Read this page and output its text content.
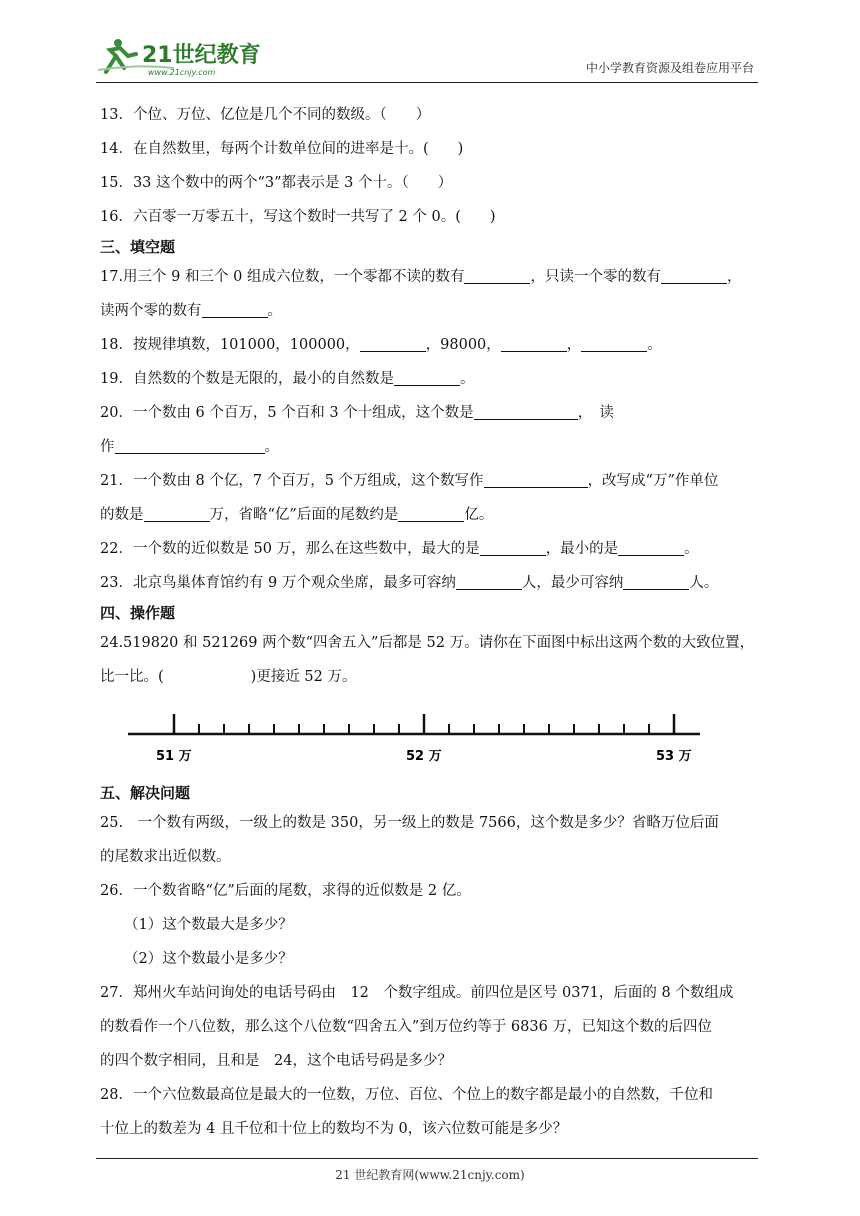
21世纪教育
www.21cnjy.com	中小学教育资源及组卷应用平台
13．个位、万位、亿位是几个不同的数级。（　　）
14．在自然数里，每两个计数单位间的进率是十。(　　)
15．33 这个数中的两个“3”都表示是 3 个十。（　　）
16．六百零一万零五十，写这个数时一共写了 2 个 0。(　　)
三、填空题
17.用三个 9 和三个 0 组成六位数，一个零都不读的数有	，只读一个零的数有	，
读两个零的数有	。
18．按规律填数，101000，100000，	，98000，	，	。
19．自然数的个数是无限的，最小的自然数是	。
20．一个数由 6 个百万，5 个百和 3 个十组成，这个数是	，　读
作	。
21．一个数由 8 个亿，7 个百万，5 个万组成，这个数写作	，改写成“万”作单位
的数是	万，省略“亿”后面的尾数约是	亿。
22．一个数的近似数是 50 万，那么在这些数中，最大的是	，最小的是	。
23．北京鸟巢体育馆约有 9 万个观众坐席，最多可容纳	人，最少可容纳	人。
四、操作题
24.519820 和 521269 两个数“四舍五入”后都是 52 万。请你在下面图中标出这两个数的大致位置，
比一比。(　　　　　　)更接近 52 万。
51 万	52 万	53 万
五、解决问题
25.　一个数有两级，一级上的数是 350，另一级上的数是 7566，这个数是多少？省略万位后面
的尾数求出近似数。
26．一个数省略“亿”后面的尾数，求得的近似数是 2 亿。
（1）这个数最大是多少？
（2）这个数最小是多少？
27．郑州火车站问询处的电话号码由　12　个数字组成。前四位是区号 0371，后面的 8 个数组成
的数看作一个八位数，那么这个八位数“四舍五入”到万位约等于 6836 万，已知这个数的后四位
的四个数字相同，且和是　24，这个电话号码是多少？
28．一个六位数最高位是最大的一位数，万位、百位、个位上的数字都是最小的自然数，千位和
十位上的数差为 4 且千位和十位上的数均不为 0，该六位数可能是多少？
21 世纪教育网(www.21cnjy.com)
